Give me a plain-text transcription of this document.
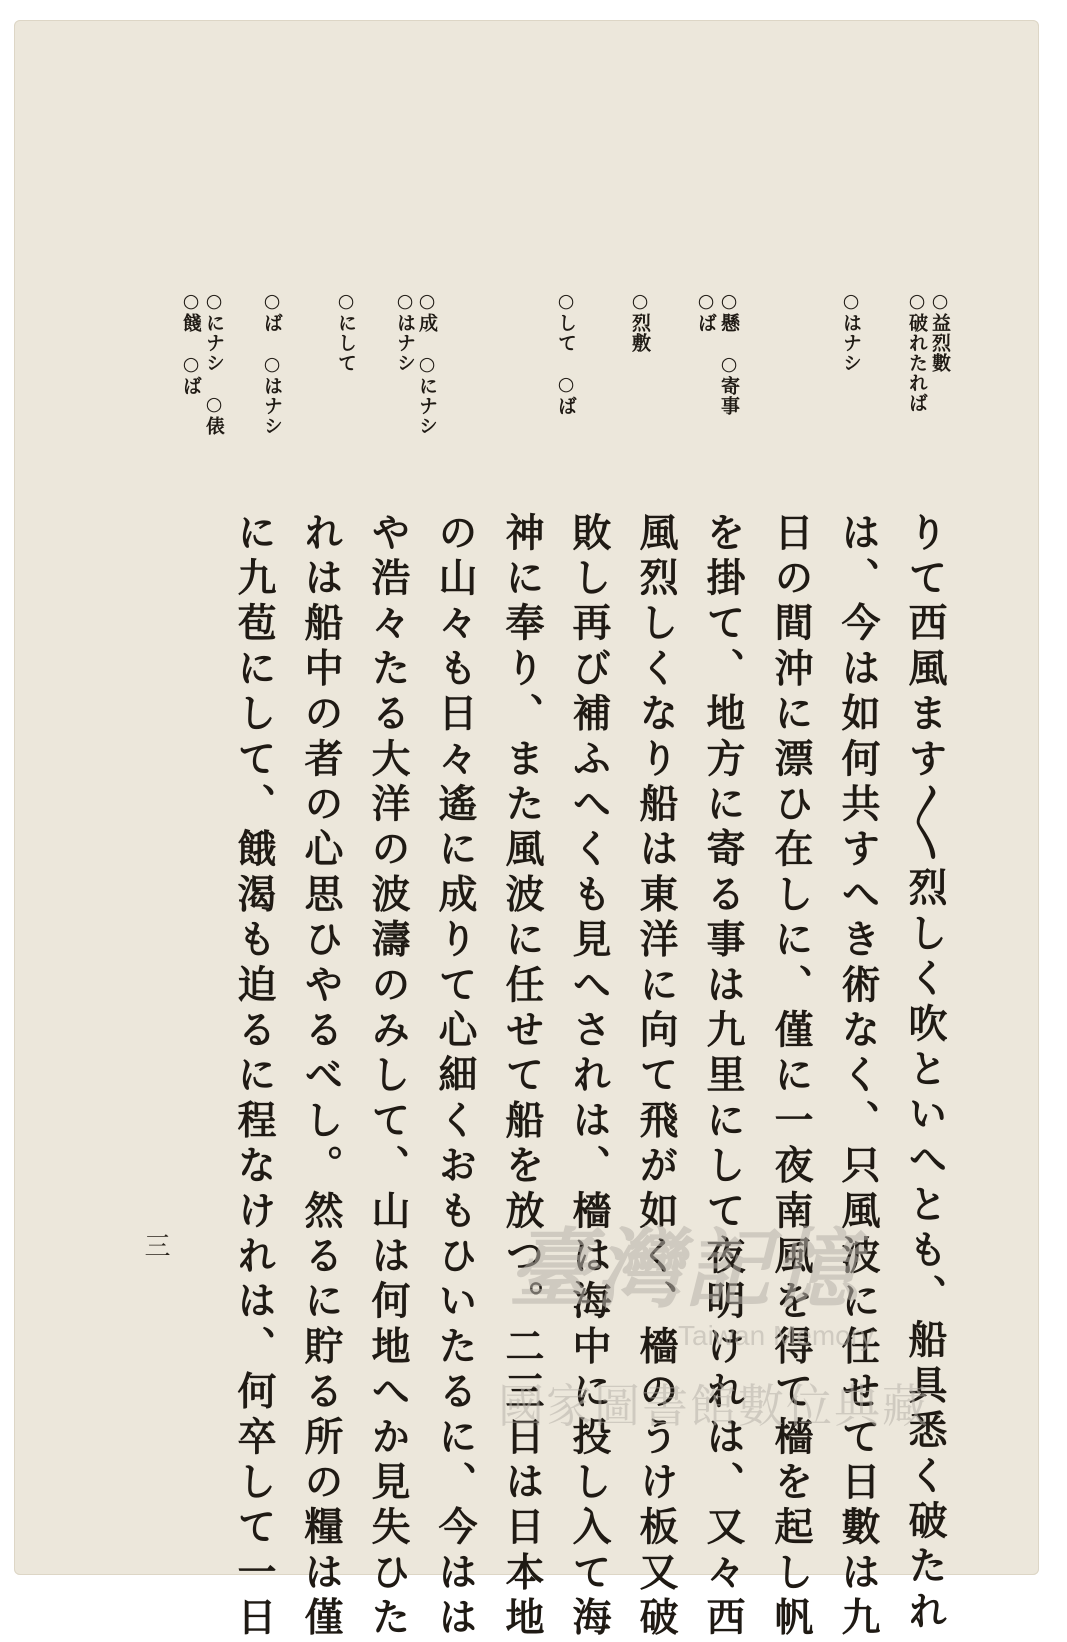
りて西風ます〳〵烈しく吹といへとも、船具悉く破たれ
は、今は如何共すへき術なく、只風波に任せて日數は九
日の間沖に漂ひ在しに、僅に一夜南風を得て檣を起し帆
を掛て、地方に寄る事は九里にして夜明けれは、又々西
風烈しくなり船は東洋に向て飛が如く、檣のうけ板又破
敗し再び補ふへくも見へされは、檣は海中に投し入て海
神に奉り、また風波に任せて船を放つ。二三日は日本地
の山々も日々遙に成りて心細くおもひいたるに、今はは
や浩々たる大洋の波濤のみして、山は何地へか見失ひた
れは船中の者の心思ひやるべし。然るに貯る所の糧は僅
に九苞にして、餓渴も迫るに程なけれは、何卒して一日
○益烈數
○破れたれば
○はナシ
○懸　○寄事
○ば
○烈敷
○して　○ば
○成　○にナシ
○はナシ
○にして
○ば　○はナシ
○にナシ　○俵
○餞　○ば
三	臺灣記憶
Taiwan Memory
國家圖書館數位典藏
